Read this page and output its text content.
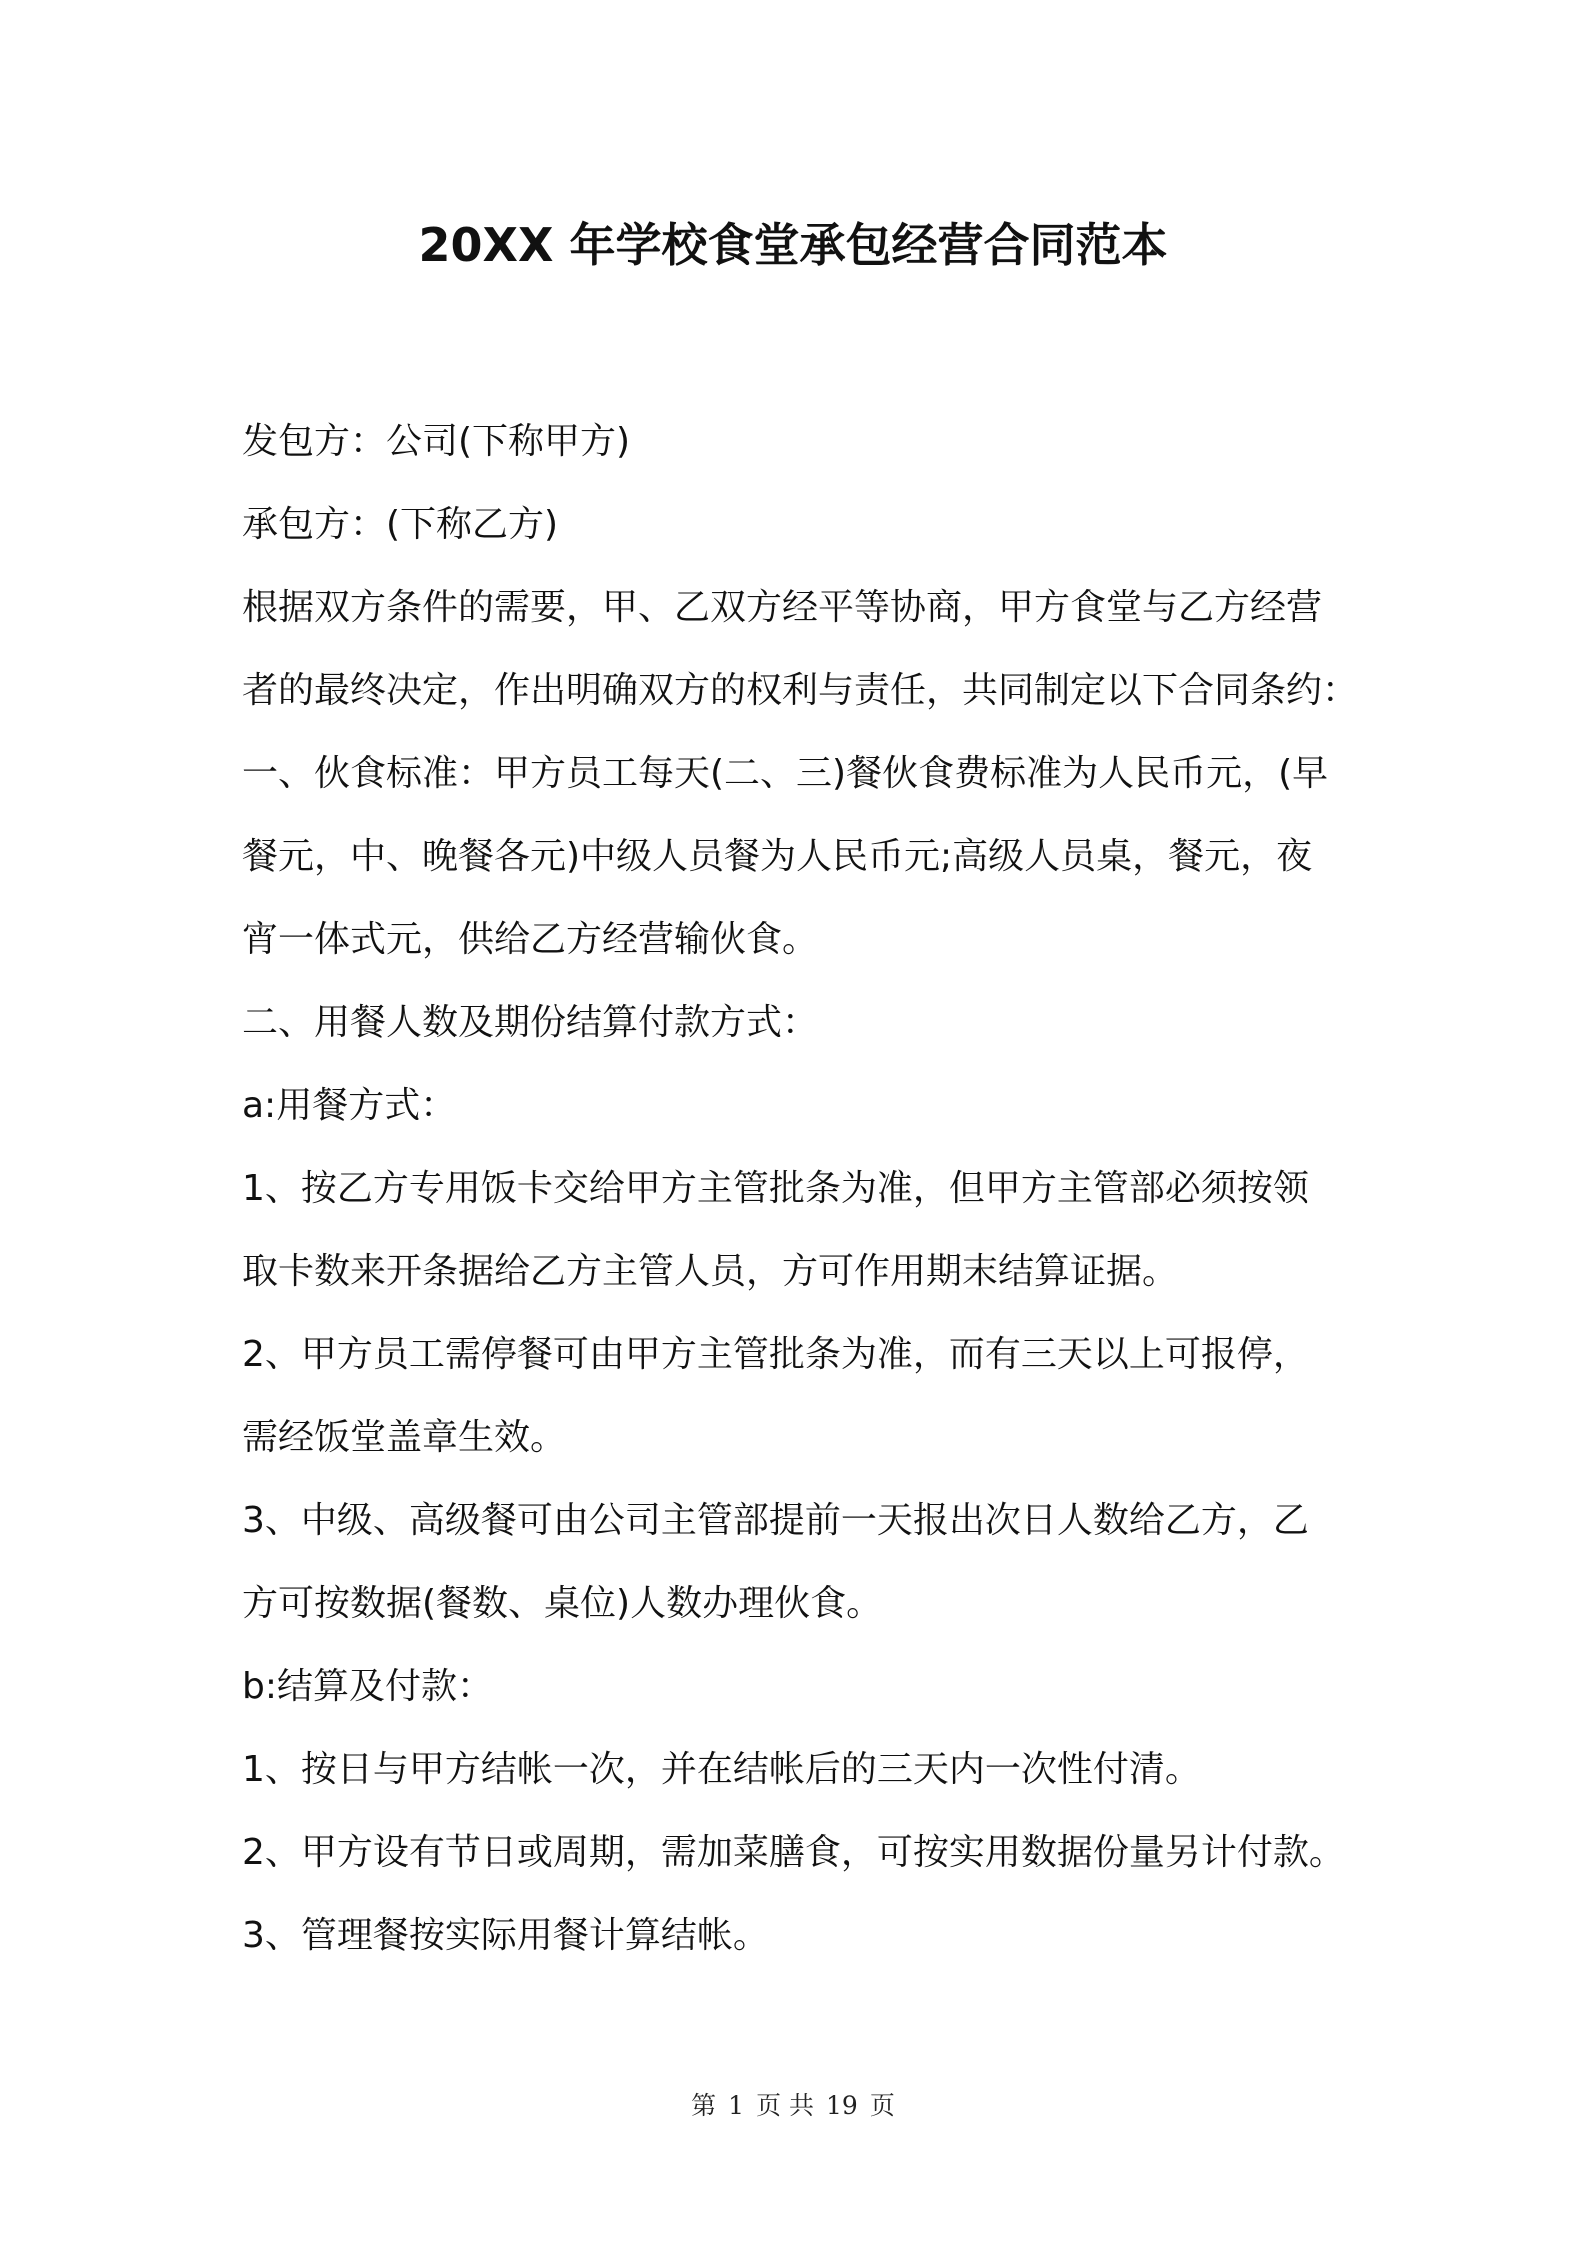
20XX 年学校食堂承包经营合同范本
发包方：公司(下称甲方)
承包方：(下称乙方)
根据双方条件的需要，甲、乙双方经平等协商，甲方食堂与乙方经营
者的最终决定，作出明确双方的权利与责任，共同制定以下合同条约：
一、伙食标准：甲方员工每天(二、三)餐伙食费标准为人民币元，(早
餐元，中、晚餐各元)中级人员餐为人民币元;高级人员桌，餐元，夜
宵一体式元，供给乙方经营输伙食。
二、用餐人数及期份结算付款方式：
a:用餐方式：
1、按乙方专用饭卡交给甲方主管批条为准，但甲方主管部必须按领
取卡数来开条据给乙方主管人员，方可作用期末结算证据。
2、甲方员工需停餐可由甲方主管批条为准，而有三天以上可报停，
需经饭堂盖章生效。
3、中级、高级餐可由公司主管部提前一天报出次日人数给乙方，乙
方可按数据(餐数、桌位)人数办理伙食。
b:结算及付款：
1、按日与甲方结帐一次，并在结帐后的三天内一次性付清。
2、甲方设有节日或周期，需加菜膳食，可按实用数据份量另计付款。
3、管理餐按实际用餐计算结帐。
第 1 页 共 19 页
